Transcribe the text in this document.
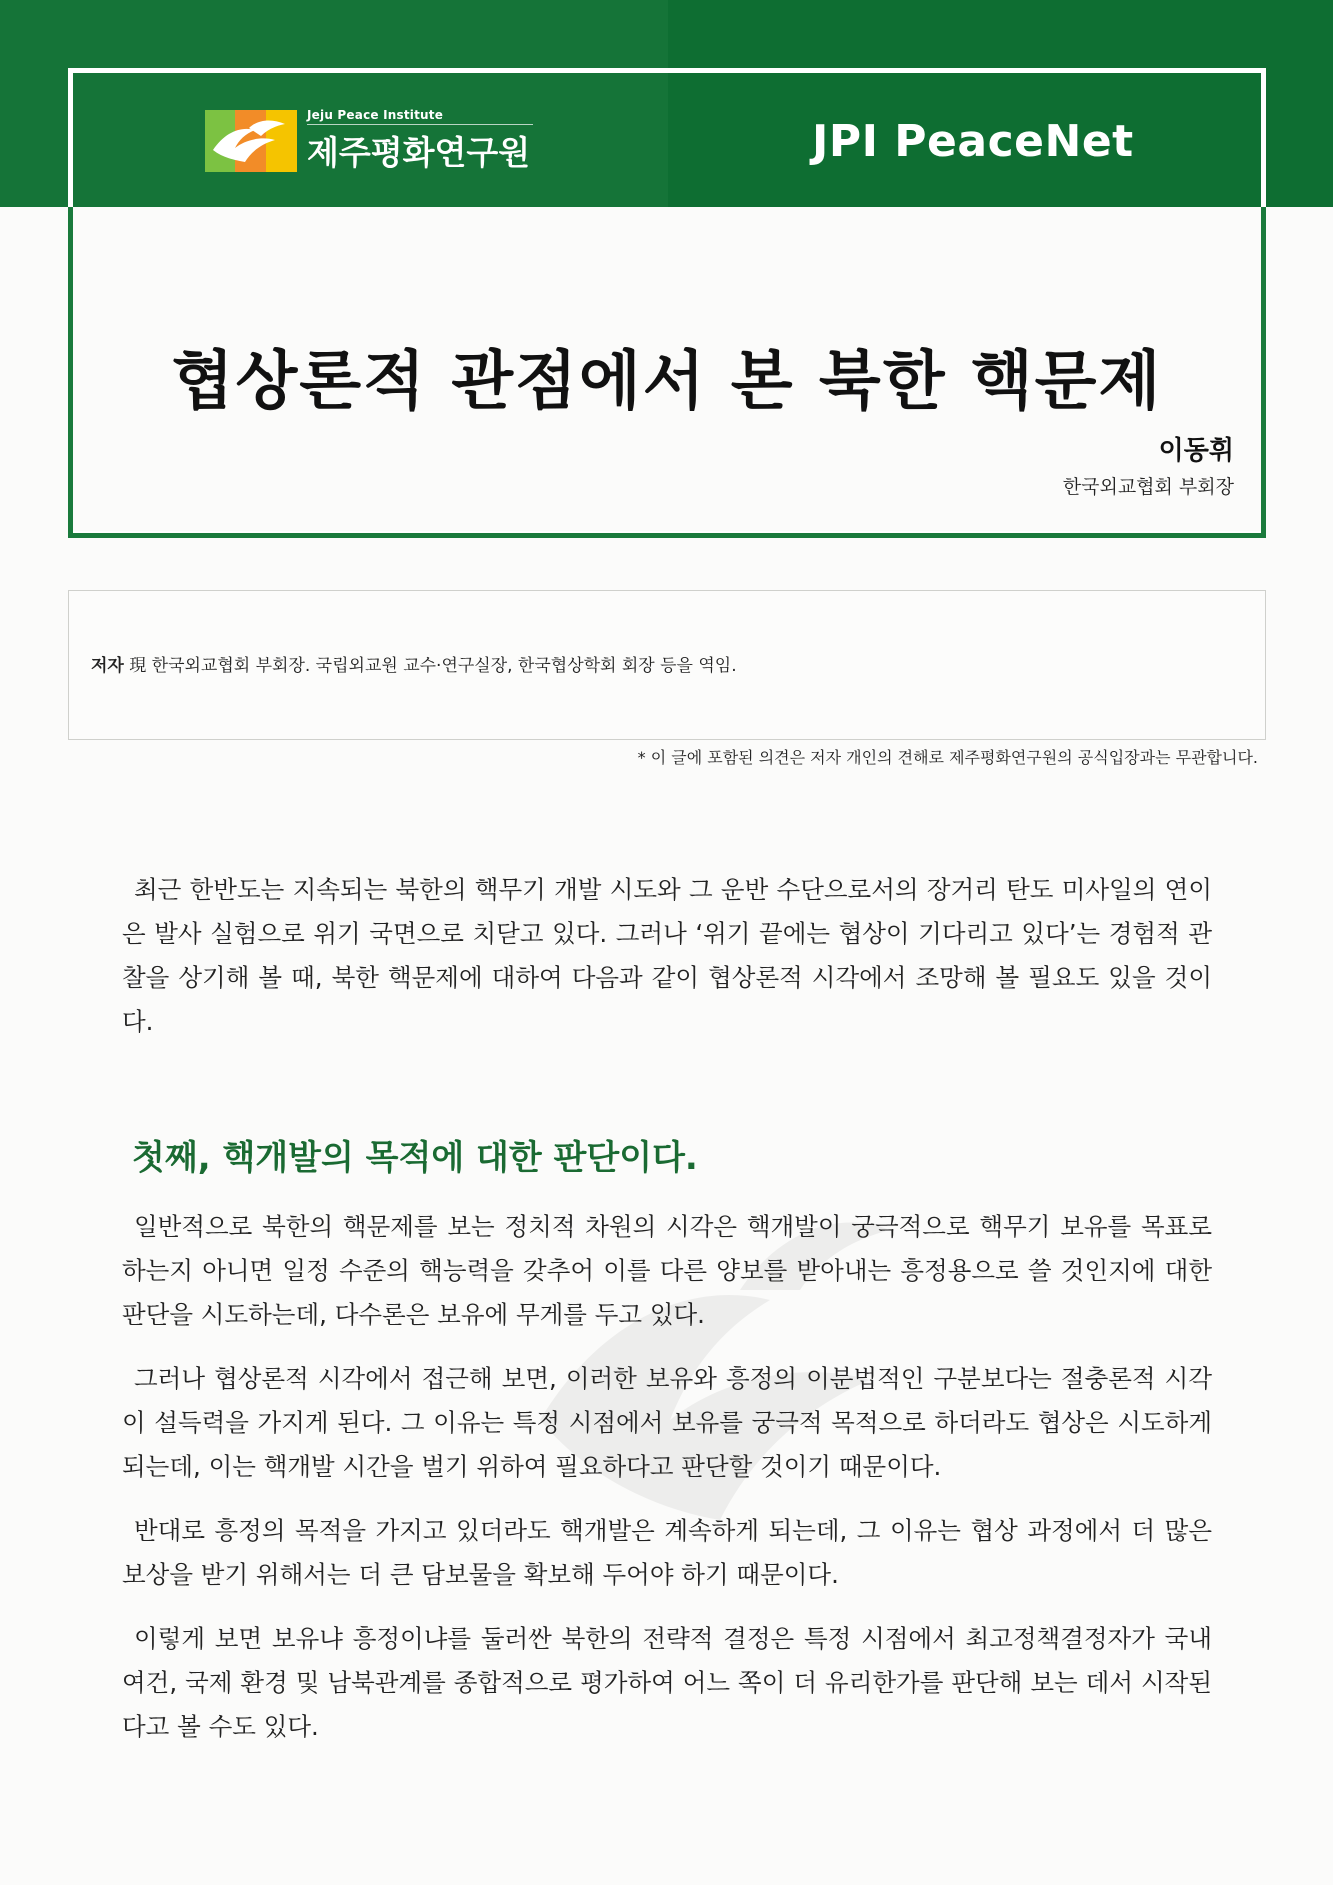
Jeju Peace Institute
제주평화연구원	JPI PeaceNet
협상론적 관점에서 본 북한 핵문제
이동휘
한국외교협회 부회장
저자 現 한국외교협회 부회장. 국립외교원 교수·연구실장, 한국협상학회 회장 등을 역임.
* 이 글에 포함된 의견은 저자 개인의 견해로 제주평화연구원의 공식입장과는 무관합니다.

최근 한반도는 지속되는 북한의 핵무기 개발 시도와 그 운반 수단으로서의 장거리 탄도 미사일의 연이은 발사 실험으로 위기 국면으로 치닫고 있다. 그러나 ‘위기 끝에는 협상이 기다리고 있다’는 경험적 관찰을 상기해 볼 때, 북한 핵문제에 대하여 다음과 같이 협상론적 시각에서 조망해 볼 필요도 있을 것이다.

첫째, 핵개발의 목적에 대한 판단이다.

일반적으로 북한의 핵문제를 보는 정치적 차원의 시각은 핵개발이 궁극적으로 핵무기 보유를 목표로 하는지 아니면 일정 수준의 핵능력을 갖추어 이를 다른 양보를 받아내는 흥정용으로 쓸 것인지에 대한 판단을 시도하는데, 다수론은 보유에 무게를 두고 있다.

그러나 협상론적 시각에서 접근해 보면, 이러한 보유와 흥정의 이분법적인 구분보다는 절충론적 시각이 설득력을 가지게 된다. 그 이유는 특정 시점에서 보유를 궁극적 목적으로 하더라도 협상은 시도하게 되는데, 이는 핵개발 시간을 벌기 위하여 필요하다고 판단할 것이기 때문이다.

반대로 흥정의 목적을 가지고 있더라도 핵개발은 계속하게 되는데, 그 이유는 협상 과정에서 더 많은 보상을 받기 위해서는 더 큰 담보물을 확보해 두어야 하기 때문이다.

이렇게 보면 보유냐 흥정이냐를 둘러싼 북한의 전략적 결정은 특정 시점에서 최고정책결정자가 국내 여건, 국제 환경 및 남북관계를 종합적으로 평가하여 어느 쪽이 더 유리한가를 판단해 보는 데서 시작된다고 볼 수도 있다.
